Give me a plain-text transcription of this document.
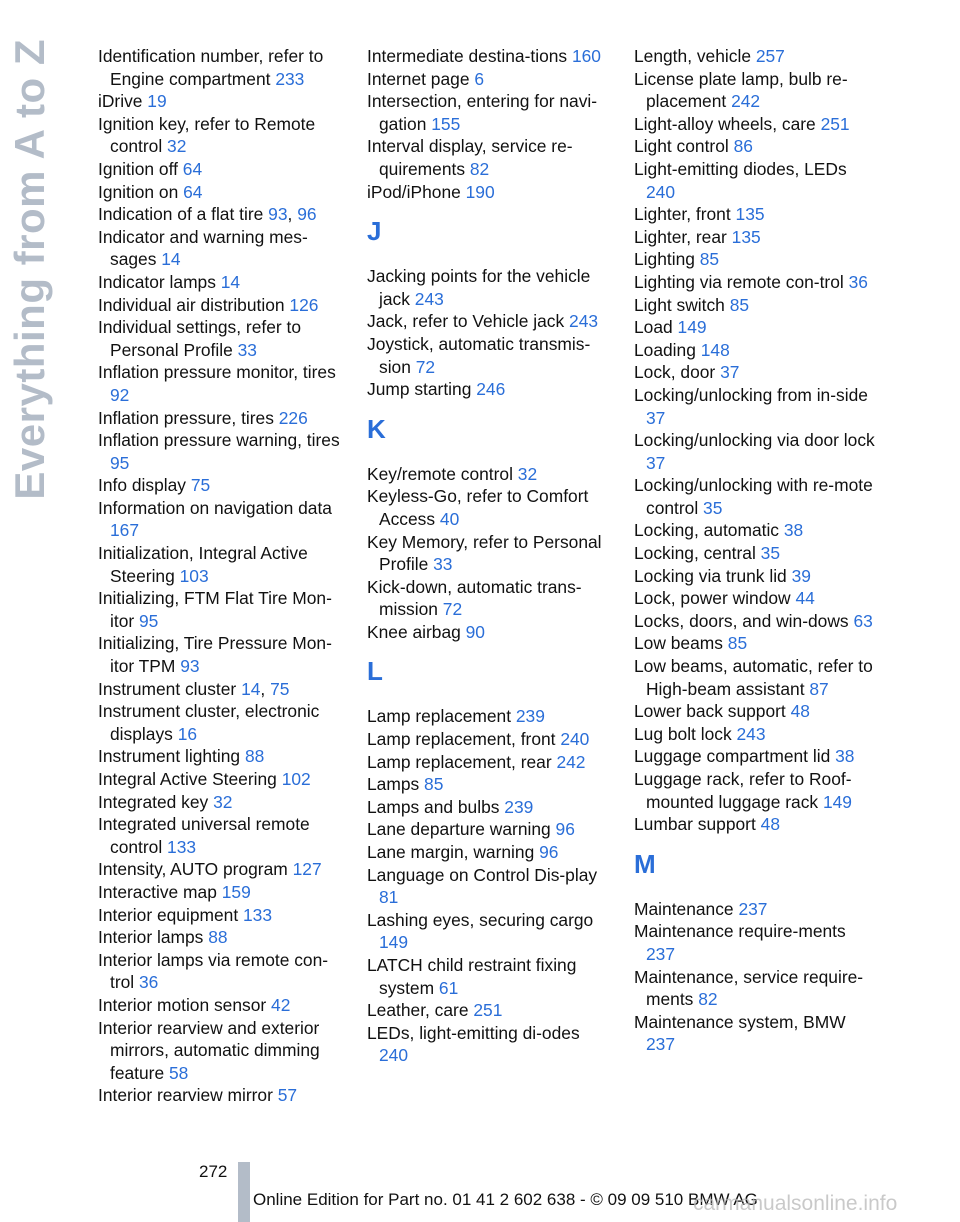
Everything from A to Z	Identification number, refer to Engine compartment 233
iDrive 19
Ignition key, refer to Remote control 32
Ignition off 64
Ignition on 64
Indication of a flat tire 93, 96
Indicator and warning mes-sages 14
Indicator lamps 14
Individual air distribution 126
Individual settings, refer to Personal Profile 33
Inflation pressure monitor, tires 92
Inflation pressure, tires 226
Inflation pressure warning, tires 95
Info display 75
Information on navigation data 167
Initialization, Integral Active Steering 103
Initializing, FTM Flat Tire Mon-itor 95
Initializing, Tire Pressure Mon-itor TPM 93
Instrument cluster 14, 75
Instrument cluster, electronic displays 16
Instrument lighting 88
Integral Active Steering 102
Integrated key 32
Integrated universal remote control 133
Intensity, AUTO program 127
Interactive map 159
Interior equipment 133
Interior lamps 88
Interior lamps via remote con-trol 36
Interior motion sensor 42
Interior rearview and exterior mirrors, automatic dimming feature 58
Interior rearview mirror 57
Intermediate destina-tions 160
Internet page 6
Intersection, entering for navi-gation 155
Interval display, service re-quirements 82
iPod/iPhone 190
J
Jacking points for the vehicle jack 243
Jack, refer to Vehicle jack 243
Joystick, automatic transmis-sion 72
Jump starting 246
K
Key/remote control 32
Keyless-Go, refer to Comfort Access 40
Key Memory, refer to Personal Profile 33
Kick-down, automatic trans-mission 72
Knee airbag 90
L
Lamp replacement 239
Lamp replacement, front 240
Lamp replacement, rear 242
Lamps 85
Lamps and bulbs 239
Lane departure warning 96
Lane margin, warning 96
Language on Control Dis-play 81
Lashing eyes, securing cargo 149
LATCH child restraint fixing system 61
Leather, care 251
LEDs, light-emitting di-odes 240
Length, vehicle 257
License plate lamp, bulb re-placement 242
Light-alloy wheels, care 251
Light control 86
Light-emitting diodes, LEDs 240
Lighter, front 135
Lighter, rear 135
Lighting 85
Lighting via remote con-trol 36
Light switch 85
Load 149
Loading 148
Lock, door 37
Locking/unlocking from in-side 37
Locking/unlocking via door lock 37
Locking/unlocking with re-mote control 35
Locking, automatic 38
Locking, central 35
Locking via trunk lid 39
Lock, power window 44
Locks, doors, and win-dows 63
Low beams 85
Low beams, automatic, refer to High-beam assistant 87
Lower back support 48
Lug bolt lock 243
Luggage compartment lid 38
Luggage rack, refer to Roof-mounted luggage rack 149
Lumbar support 48
M
Maintenance 237
Maintenance require-ments 237
Maintenance, service require-ments 82
Maintenance system, BMW 237
272
Online Edition for Part no. 01 41 2 602 638 - © 09 09 510 BMW AG
carmanualsonline.info
